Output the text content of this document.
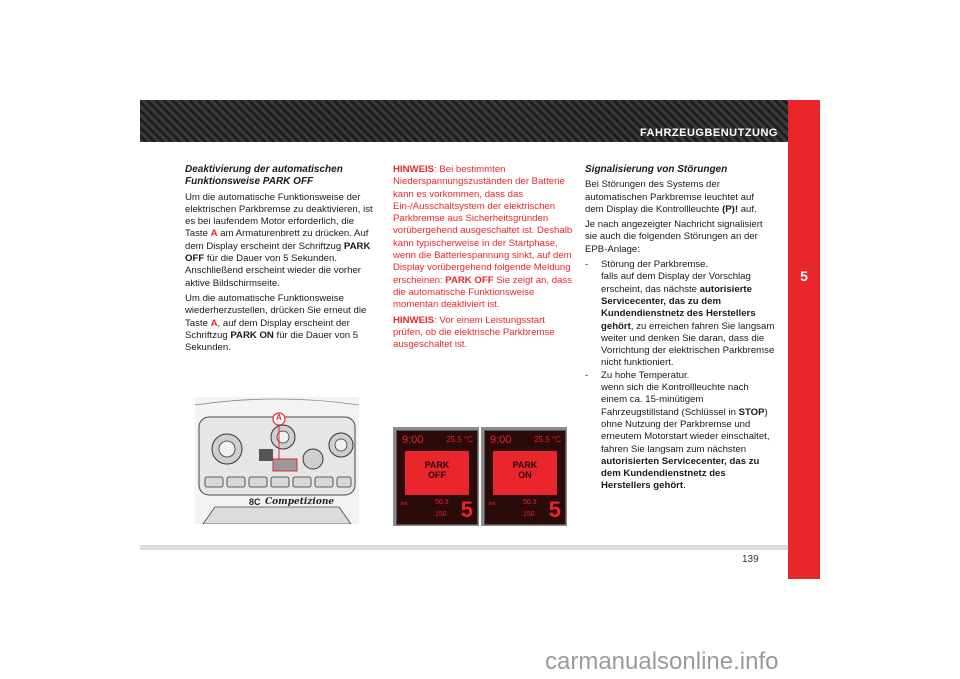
FAHRZEUGBENUTZUNG
5

Deaktivierung der automatischen Funktionsweise PARK OFF

Um die automatische Funktionsweise der elektrischen Parkbremse zu deaktivieren, ist es bei laufendem Motor erforderlich, die Taste A am Armaturenbrett zu drücken. Auf dem Display erscheint der Schriftzug PARK OFF für die Dauer von 5 Sekunden. Anschließend erscheint wieder die vorher aktive Bildschirmseite.

Um die automatische Funktionsweise wiederherzustellen, drücken Sie erneut die Taste A, auf dem Display erscheint der Schriftzug PARK ON für die Dauer von 5 Sekunden.

HINWEIS: Bei bestimmten Niederspannungszuständen der Batterie kann es vorkommen, dass das Ein-/Ausschaltsystem der elektrischen Parkbremse aus Sicherheitsgründen vorübergehend ausgeschaltet ist. Deshalb kann typischerweise in der Startphase, wenn die Batteriespannung sinkt, auf dem Display vorübergehend folgende Meldung erscheinen: PARK OFF Sie zeigt an, dass die automatische Funktionsweise momentan deaktiviert ist.

HINWEIS: Vor einem Leistungsstart prüfen, ob die elektrische Parkbremse ausgeschaltet ist.

Signalisierung von Störungen

Bei Störungen des Systems der automatischen Parkbremse leuchtet auf dem Display die Kontrollleuchte (P)! auf.

Je nach angezeigter Nachricht signalisiert sie auch die folgenden Störungen an der EPB-Anlage:

-	Störung der Parkbremse.
falls auf dem Display der Vorschlag erscheint, das nächste autorisierte Servicecenter, das zu dem Kundendienstnetz des Herstellers gehört, zu erreichen fahren Sie langsam weiter und denken Sie daran, dass die Vorrichtung der elektrischen Parkbremse nicht funktioniert.
-	Zu hohe Temperatur.
wenn sich die Kontrollleuchte nach einem ca. 15-minütigem Fahrzeugstillstand (Schlüssel in STOP) ohne Nutzung der Parkbremse und erneutem Motorstart wieder einschaltet, fahren Sie langsam zum nächsten autorisierten Servicecenter, das zu dem Kundendienstnetz des Herstellers gehört.

A
8C Competizione
9:00	25.5 °C
PARK
OFF
km	50.3
150 5
9:00	25.5 °C
PARK
ON
km	50.3
150 5
139
carmanualsonline.info
